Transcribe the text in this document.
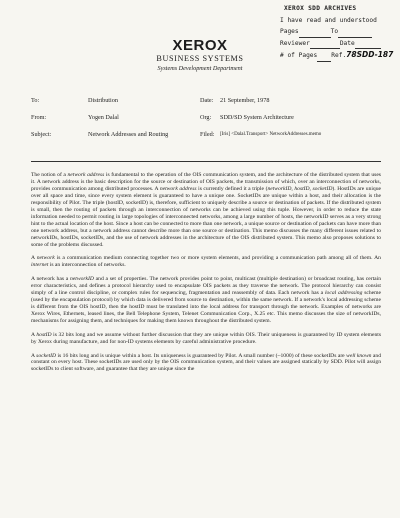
XEROX SDD ARCHIVES
I have read and understood
Pages	To
Reviewer	Date
# of Pages Ref.78SDD-187
XEROX
BUSINESS SYSTEMS
Systems Development Department
To:	Distribution
From:	Yogen Dalal
Subject:	Network Addresses and Routing
Date: 21 September, 1978
Org: SDD/SD System Architecture
Filed: [Iris] <Dalal.Transport> NetworkAddresses.memo

The notion of a network address is fundamental to the operation of the OIS communication system, and the architecture of the distributed system that uses it. A network address is the basic description for the source or destination of OIS packets, the transmission of which, over an interconnection of networks, provides communication among distributed processes. A network address is currently defined it a triple (networkID, hostID, socketID). HostIDs are unique over all space and time, since every system element is guaranteed to have a unique one. SocketIDs are unique within a host, and their allocation is the responsibility of Pilot. The triple (hostID, socketID) is, therefore, sufficient to uniquely describe a source or destination of packets. If the distributed system is small, then the routing of packets through an interconnection of networks can be achieved using this tuple. However, in order to reduce the state information needed to permit routing in large topologies of interconnected networks, among a large number of hosts, the networkID serves as a very strong hint to the actual location of the host. Since a host can be connected to more than one network, a unique source or destination of packets can have more than one network address, but a network address cannot describe more than one source or destination. This memo discusses the many different issues related to networkIDs, hostIDs, socketIDs, and the use of network addresses in the architecture of the OIS distributed system. This memo also proposes solutions to some of the problems discussed.

A network is a communication medium connecting together two or more system elements, and providing a communication path among all of them. An internet is an interconnection of networks.

A network has a networkID and a set of properties. The network provides point to point, multicast (multiple destination) or broadcast routing, has certain error characteristics, and defines a protocol hierarchy used to encapsulate OIS packets as they traverse the network. The protocol hierarchy can consist simply of a line control discipline, or complex rules for sequencing, fragmentation and reassembly of data. Each network has a local addressing scheme (used by the encapsulation protocol) by which data is delivered from source to destination, within the same network. If a network's local addressing scheme is different from the OIS hostID, then the hostID must be translated into the local address for transport through the network. Examples of networks are Xerox Wires, Ethernets, leased lines, the Bell Telephone System, Telenet Communication Corp., X.25 etc. This memo discusses the size of networkIDs, mechanisms for assigning them, and techniques for making them known throughout the distributed system.

A hostID is 32 bits long and we assume without further discussion that they are unique within OIS. Their uniqueness is guaranteed by ID system elements by Xerox during manufacture, and for non-ID systems elements by careful administrative procedure.

A socketID is 16 bits long and is unique within a host. Its uniqueness is guaranteed by Pilot. A small number (~1000) of these socketIDs are well known and constant on every host. These socketIDs are used only by the OIS communication system, and their values are assigned statically by SDD. Pilot will assign socketIDs to client software, and guarantee that they are unique since the
